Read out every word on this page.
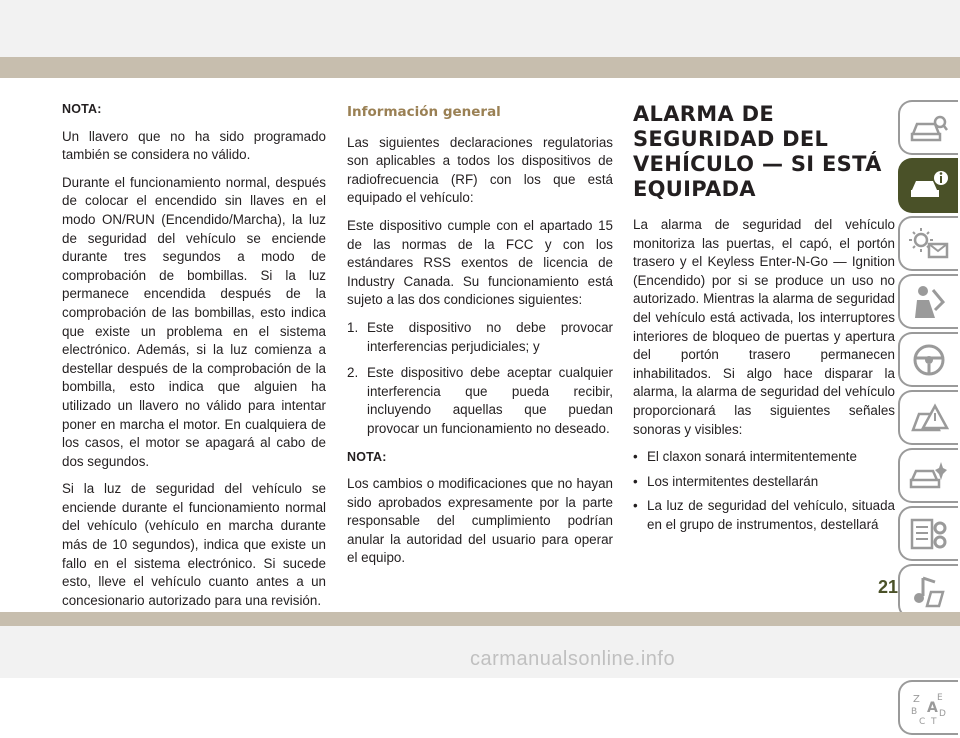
NOTA:

Un llavero que no ha sido programado también se considera no válido.

Durante el funcionamiento normal, después de colocar el encendido sin llaves en el modo ON/RUN (Encendido/Marcha), la luz de seguridad del vehículo se enciende durante tres segundos a modo de comprobación de bombillas. Si la luz permanece encendida después de la comprobación de las bombillas, esto indica que existe un problema en el sistema electrónico. Además, si la luz comienza a destellar después de la comprobación de la bombilla, esto indica que alguien ha utilizado un llavero no válido para intentar poner en marcha el motor. En cualquiera de los casos, el motor se apagará al cabo de dos segundos.

Si la luz de seguridad del vehículo se enciende durante el funcionamiento normal del vehículo (vehículo en marcha durante más de 10 segundos), indica que existe un fallo en el sistema electrónico. Si sucede esto, lleve el vehículo cuanto antes a un concesionario autorizado para una revisión.

Información general

Las siguientes declaraciones regulatorias son aplicables a todos los dispositivos de radiofrecuencia (RF) con los que está equipado el vehículo:

Este dispositivo cumple con el apartado 15 de las normas de la FCC y con los estándares RSS exentos de licencia de Industry Canada. Su funcionamiento está sujeto a las dos condiciones siguientes:

1. Este dispositivo no debe provocar interferencias perjudiciales; y
2. Este dispositivo debe aceptar cualquier interferencia que pueda recibir, incluyendo aquellas que puedan provocar un funcionamiento no deseado.

NOTA:

Los cambios o modificaciones que no hayan sido aprobados expresamente por la parte responsable del cumplimiento podrían anular la autoridad del usuario para operar el equipo.

ALARMA DE SEGURIDAD DEL VEHÍCULO — SI ESTÁ EQUIPADA

La alarma de seguridad del vehículo monitoriza las puertas, el capó, el portón trasero y el Keyless Enter-N-Go — Ignition (Encendido) por si se produce un uso no autorizado. Mientras la alarma de seguridad del vehículo está activada, los interruptores interiores de bloqueo de puertas y apertura del portón trasero permanecen inhabilitados. Si algo hace disparar la alarma, la alarma de seguridad del vehículo proporcionará las siguientes señales sonoras y visibles:

• El claxon sonará intermitentemente
• Los intermitentes destellarán
• La luz de seguridad del vehículo, situada en el grupo de instrumentos, destellará
Z E
B A D
C T
21
carmanualsonline.info
